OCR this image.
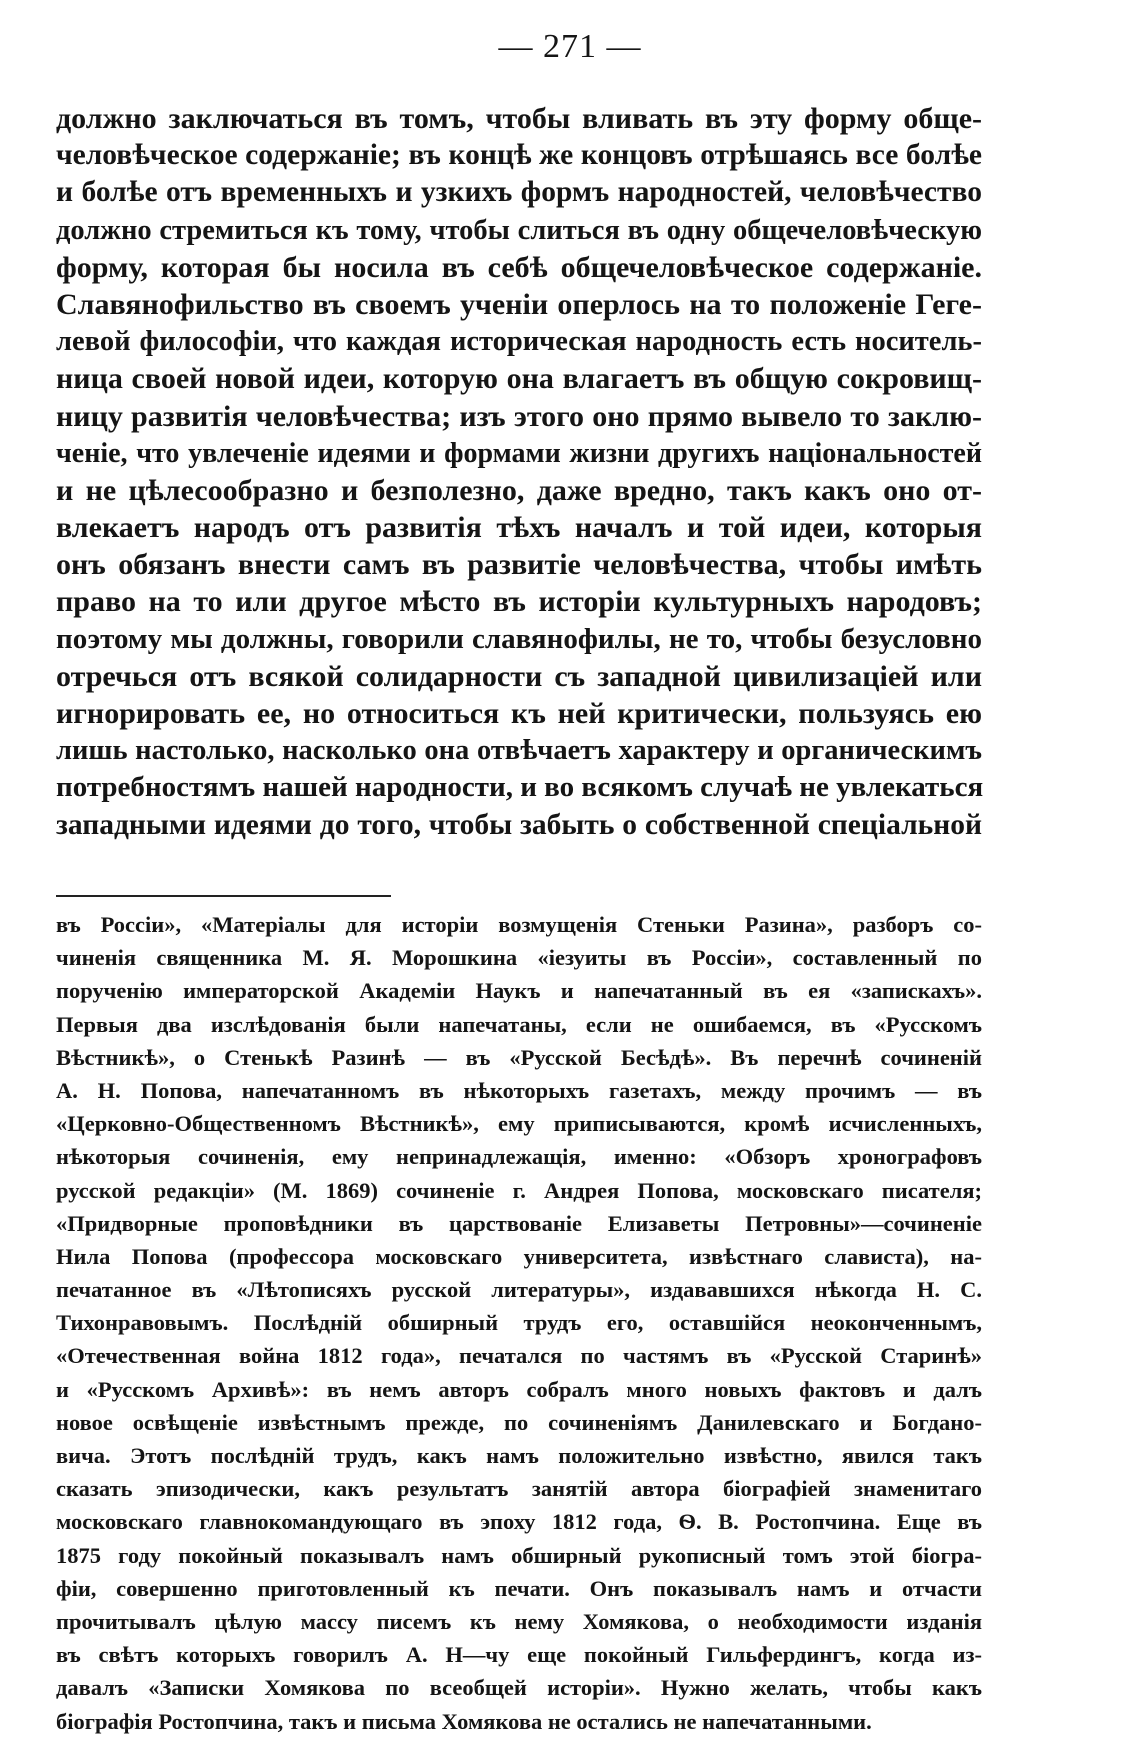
— 271 —
должно заключаться въ томъ, чтобы вливать въ эту форму обще-
человѣческое содержаніе; въ концѣ же концовъ отрѣшаясь все болѣе
и болѣе отъ временныхъ и узкихъ формъ народностей, человѣчество
должно стремиться къ тому, чтобы слиться въ одну общечеловѣческую
форму, которая бы носила въ себѣ общечеловѣческое содержаніе.
Славянофильство въ своемъ ученіи оперлось на то положеніе Геге-
левой философіи, что каждая историческая народность есть носитель-
ница своей новой идеи, которую она влагаетъ въ общую сокровищ-
ницу развитія человѣчества; изъ этого оно прямо вывело то заклю-
ченіе, что увлеченіе идеями и формами жизни другихъ національностей
и не цѣлесообразно и безполезно, даже вредно, такъ какъ оно от-
влекаетъ народъ отъ развитія тѣхъ началъ и той идеи, которыя
онъ обязанъ внести самъ въ развитіе человѣчества, чтобы имѣть
право на то или другое мѣсто въ исторіи культурныхъ народовъ;
поэтому мы должны, говорили славянофилы, не то, чтобы безусловно
отречься отъ всякой солидарности съ западной цивилизаціей или
игнорировать ее, но относиться къ ней критически, пользуясь ею
лишь настолько, насколько она отвѣчаетъ характеру и органическимъ
потребностямъ нашей народности, и во всякомъ случаѣ не увлекаться
западными идеями до того, чтобы забыть о собственной спеціальной
въ Россіи», «Матеріалы для исторіи возмущенія Стеньки Разина», разборъ со-
чиненія священника М. Я. Морошкина «іезуиты въ Россіи», составленный по
порученію императорской Академіи Наукъ и напечатанный въ ея «запискахъ».
Первыя два изслѣдованія были напечатаны, если не ошибаемся, въ «Русскомъ
Вѣстникѣ», о Стенькѣ Разинѣ — въ «Русской Бесѣдѣ». Въ перечнѣ сочиненій
А. Н. Попова, напечатанномъ въ нѣкоторыхъ газетахъ, между прочимъ — въ
«Церковно-Общественномъ Вѣстникѣ», ему приписываются, кромѣ исчисленныхъ,
нѣкоторыя сочиненія, ему непринадлежащія, именно: «Обзоръ хронографовъ
русской редакціи» (М. 1869) сочиненіе г. Андрея Попова, московскаго писателя;
«Придворные проповѣдники въ царствованіе Елизаветы Петровны»—сочиненіе
Нила Попова (профессора московскаго университета, извѣстнаго слависта), на-
печатанное въ «Лѣтописяхъ русской литературы», издававшихся нѣкогда Н. С.
Тихонравовымъ. Послѣдній обширный трудъ его, оставшійся неоконченнымъ,
«Отечественная война 1812 года», печатался по частямъ въ «Русской Старинѣ»
и «Русскомъ Архивѣ»: въ немъ авторъ собралъ много новыхъ фактовъ и далъ
новое освѣщеніе извѣстнымъ прежде, по сочиненіямъ Данилевскаго и Богдано-
вича. Этотъ послѣдній трудъ, какъ намъ положительно извѣстно, явился такъ
сказать эпизодически, какъ результатъ занятій автора біографіей знаменитаго
московскаго главнокомандующаго въ эпоху 1812 года, Ѳ. В. Ростопчина. Еще въ
1875 году покойный показывалъ намъ обширный рукописный томъ этой біогра-
фіи, совершенно приготовленный къ печати. Онъ показывалъ намъ и отчасти
прочитывалъ цѣлую массу писемъ къ нему Хомякова, о необходимости изданія
въ свѣтъ которыхъ говорилъ А. Н—чу еще покойный Гильфердингъ, когда из-
давалъ «Записки Хомякова по всеобщей исторіи». Нужно желать, чтобы какъ
біографія Ростопчина, такъ и письма Хомякова не остались не напечатанными.
